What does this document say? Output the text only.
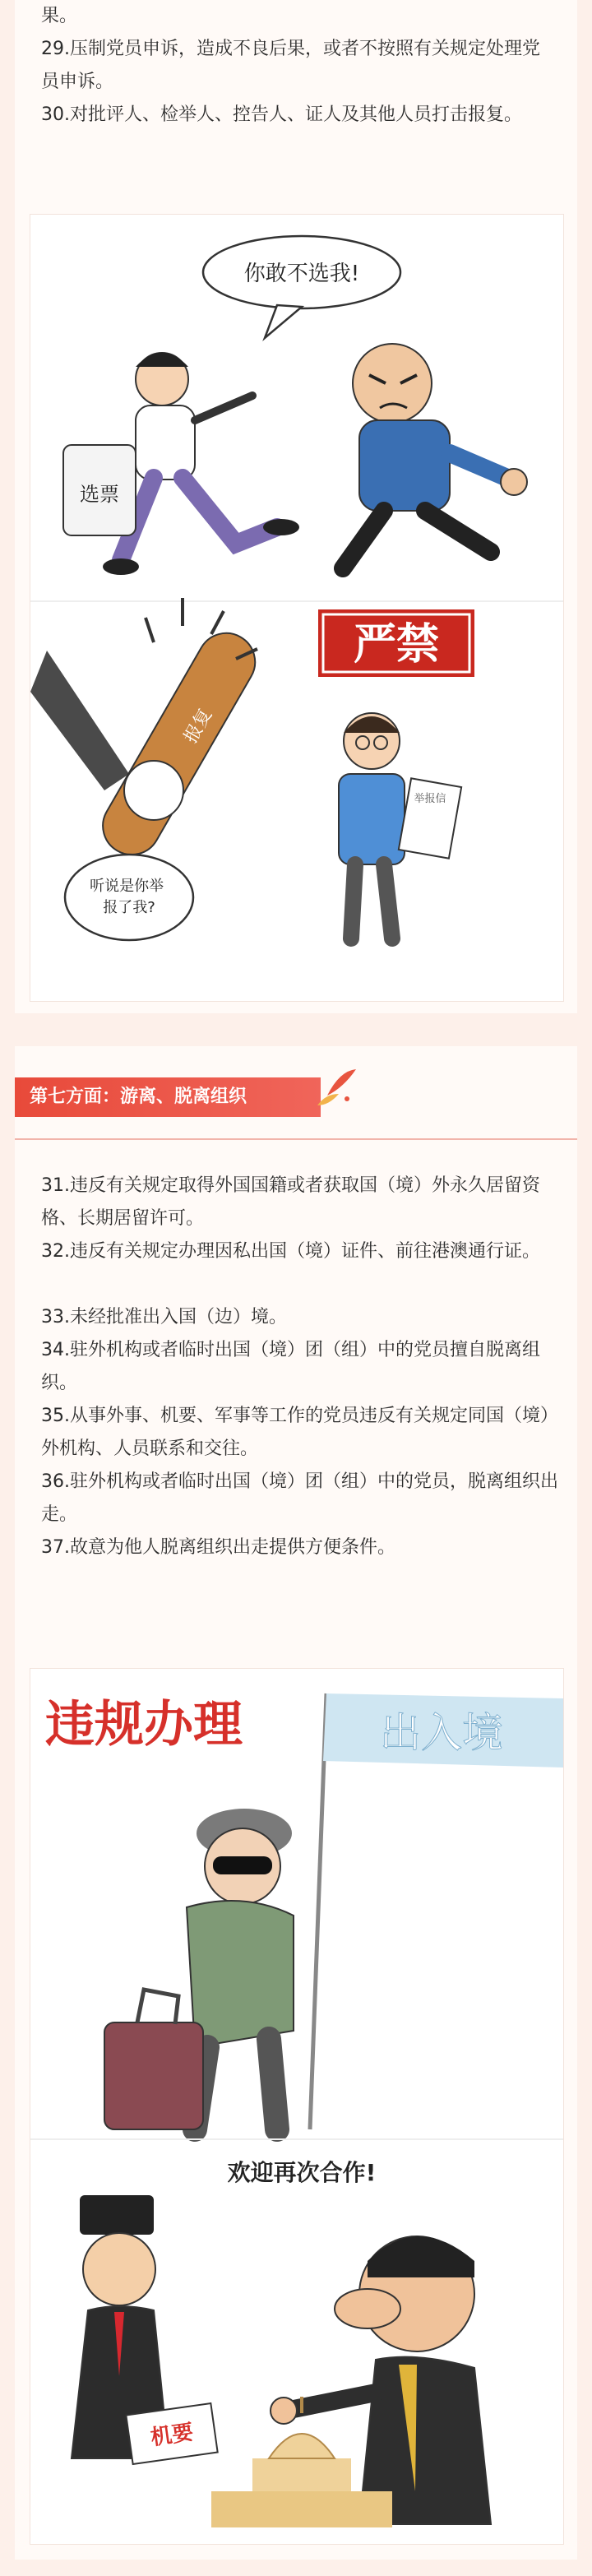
果。

29.压制党员申诉，造成不良后果，或者不按照有关规定处理党员申诉。

30.对批评人、检举人、控告人、证人及其他人员打击报复。

你敢不选我!
选票
严禁
报复
举报信
听说是你举 报了我?
第七方面：游离、脱离组织

31.违反有关规定取得外国国籍或者获取国（境）外永久居留资格、长期居留许可。

32.违反有关规定办理因私出国（境）证件、前往港澳通行证。

33.未经批准出入国（边）境。

34.驻外机构或者临时出国（境）团（组）中的党员擅自脱离组织。

35.从事外事、机要、军事等工作的党员违反有关规定同国（境）外机构、人员联系和交往。

36.驻外机构或者临时出国（境）团（组）中的党员，脱离组织出走。

37.故意为他人脱离组织出走提供方便条件。

违规办理	出入境
欢迎再次合作!
机要
